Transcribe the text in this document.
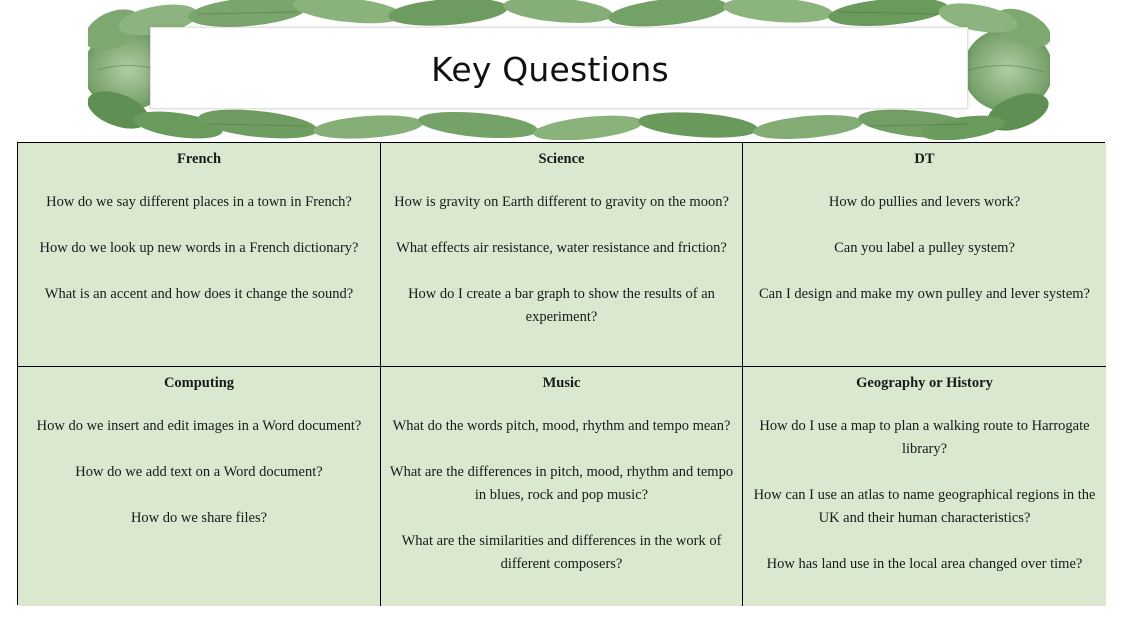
Key Questions

French

How do we say different places in a town in French?

How do we look up new words in a French dictionary?

What is an accent and how does it change the sound?

Science

How is gravity on Earth different to gravity on the moon?

What effects air resistance, water resistance and friction?

How do I create a bar graph to show the results of an experiment?

DT

How do pullies and levers work?

Can you label a pulley system?

Can I design and make my own pulley and lever system?

Computing

How do we insert and edit images in a Word document?

How do we add text on a Word document?

How do we share files?

Music

What do the words pitch, mood, rhythm and tempo mean?

What are the differences in pitch, mood, rhythm and tempo in blues, rock and pop music?

What are the similarities and differences in the work of different composers?

Geography or History

How do I use a map to plan a walking route to Harrogate library?

How can I use an atlas to name geographical regions in the UK and their human characteristics?

How has land use in the local area changed over time?
